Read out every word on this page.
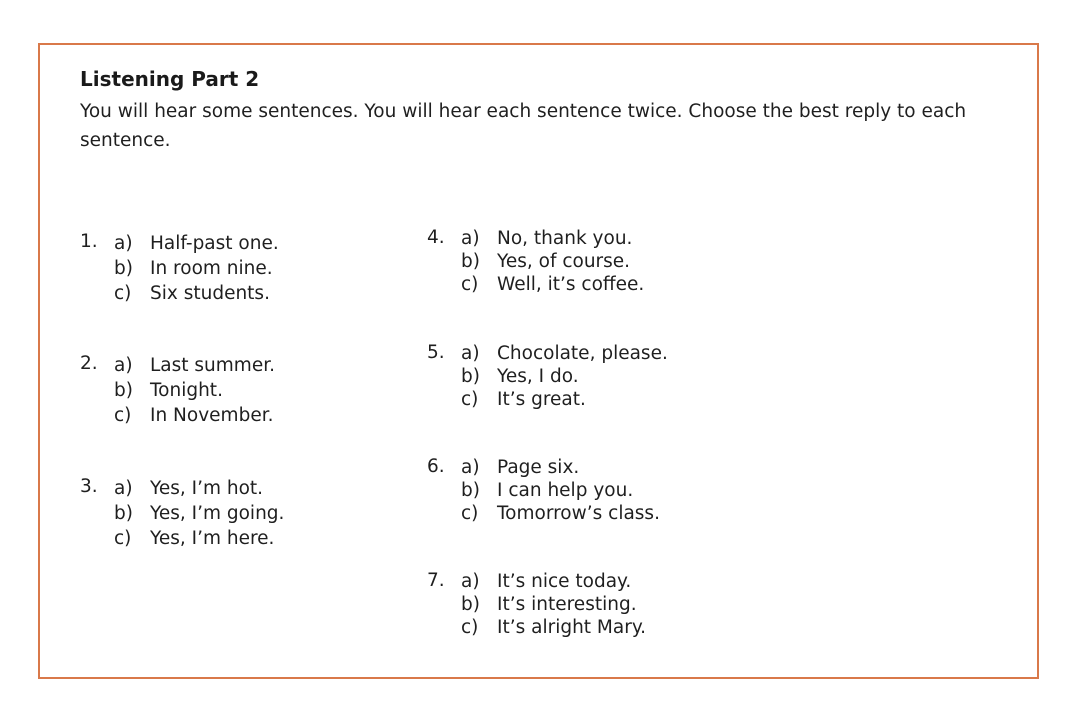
Listening Part 2

You will hear some sentences. You will hear each sentence twice. Choose the best reply to each sentence.

1. a) Half-past one.
b) In room nine.
c) Six students.
2. a) Last summer.
b) Tonight.
c) In November.
3. a) Yes, I’m hot.
b) Yes, I’m going.
c) Yes, I’m here.
4. a) No, thank you.
b) Yes, of course.
c) Well, it’s coffee.
5. a) Chocolate, please.
b) Yes, I do.
c) It’s great.
6. a) Page six.
b) I can help you.
c) Tomorrow’s class.
7. a) It’s nice today.
b) It’s interesting.
c) It’s alright Mary.
